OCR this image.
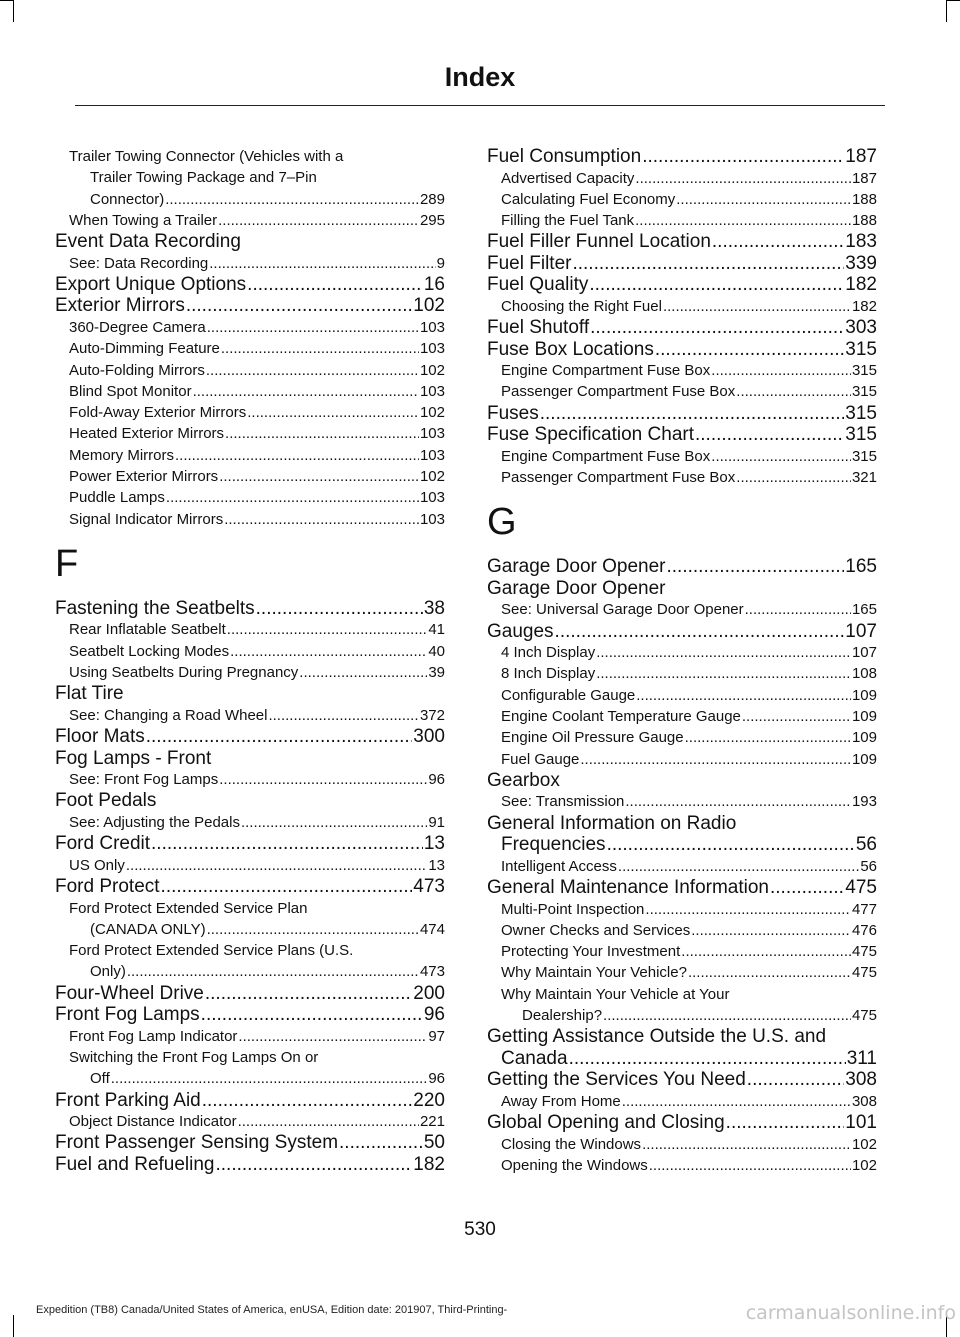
Index
Trailer Towing Connector (Vehicles with a
Trailer Towing Package and 7–Pin
Connector) .....	289
When Towing a Trailer .....	295
Event Data Recording
See: Data Recording .....	9
Export Unique Options .....	16
Exterior Mirrors .....	102
360-Degree Camera .....	103
Auto-Dimming Feature .....	103
Auto-Folding Mirrors .....	102
Blind Spot Monitor .....	103
Fold-Away Exterior Mirrors .....	102
Heated Exterior Mirrors .....	103
Memory Mirrors .....	103
Power Exterior Mirrors .....	102
Puddle Lamps .....	103
Signal Indicator Mirrors .....	103
F
Fastening the Seatbelts .....	38
Rear Inflatable Seatbelt .....	41
Seatbelt Locking Modes .....	40
Using Seatbelts During Pregnancy .....	39
Flat Tire
See: Changing a Road Wheel .....	372
Floor Mats .....	300
Fog Lamps - Front
See: Front Fog Lamps .....	96
Foot Pedals
See: Adjusting the Pedals .....	91
Ford Credit .....	13
US Only .....	13
Ford Protect .....	473
Ford Protect Extended Service Plan
(CANADA ONLY) .....	474
Ford Protect Extended Service Plans (U.S.
Only) .....	473
Four-Wheel Drive .....	200
Front Fog Lamps .....	96
Front Fog Lamp Indicator .....	97
Switching the Front Fog Lamps On or
Off .....	96
Front Parking Aid .....	220
Object Distance Indicator .....	221
Front Passenger Sensing System .....	50
Fuel and Refueling .....	182
Fuel Consumption .....	187
Advertised Capacity .....	187
Calculating Fuel Economy .....	188
Filling the Fuel Tank .....	188
Fuel Filler Funnel Location .....	183
Fuel Filter .....	339
Fuel Quality .....	182
Choosing the Right Fuel .....	182
Fuel Shutoff .....	303
Fuse Box Locations .....	315
Engine Compartment Fuse Box .....	315
Passenger Compartment Fuse Box .....	315
Fuses .....	315
Fuse Specification Chart .....	315
Engine Compartment Fuse Box .....	315
Passenger Compartment Fuse Box .....	321
G
Garage Door Opener .....	165
Garage Door Opener
See: Universal Garage Door Opener .....	165
Gauges .....	107
4 Inch Display .....	107
8 Inch Display .....	108
Configurable Gauge .....	109
Engine Coolant Temperature Gauge .....	109
Engine Oil Pressure Gauge .....	109
Fuel Gauge .....	109
Gearbox
See: Transmission .....	193
General Information on Radio
Frequencies .....	56
Intelligent Access .....	56
General Maintenance Information .....	475
Multi-Point Inspection .....	477
Owner Checks and Services .....	476
Protecting Your Investment .....	475
Why Maintain Your Vehicle? .....	475
Why Maintain Your Vehicle at Your
Dealership? .....	475
Getting Assistance Outside the U.S. and
Canada .....	311
Getting the Services You Need .....	308
Away From Home .....	308
Global Opening and Closing .....	101
Closing the Windows .....	102
Opening the Windows .....	102
530
Expedition (TB8) Canada/United States of America, enUSA, Edition date: 201907, Third-Printing-	carmanualsonline.info
